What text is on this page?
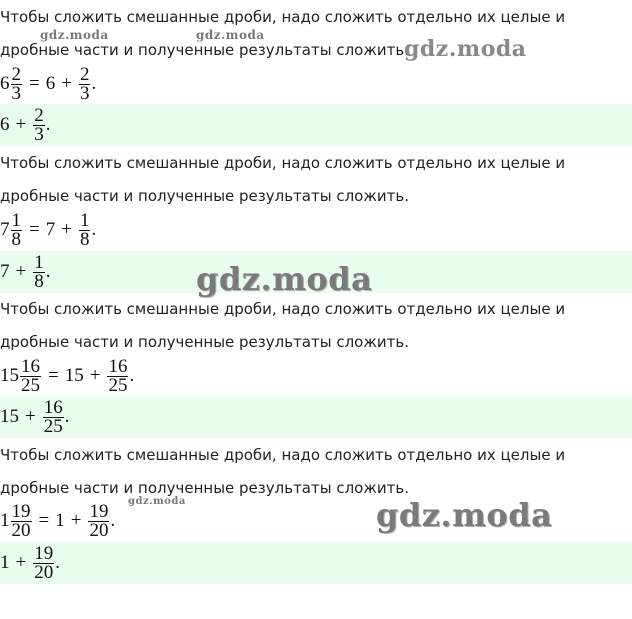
Чтобы сложить смешанные дроби, надо сложить отдельно их целые и
дробные части и полученные результаты сложить.
$6 \frac{2}{3} = 6 + \frac{2}{3}$ .
$6 + \frac{2}{3}$ .
Чтобы сложить смешанные дроби, надо сложить отдельно их целые и
дробные части и полученные результаты сложить.
$7 \frac{1}{8} = 7 + \frac{1}{8}$ .
$7 + \frac{1}{8}$ .
Чтобы сложить смешанные дроби, надо сложить отдельно их целые и
дробные части и полученные результаты сложить.
$15 \frac{16}{25} = 15 + \frac{16}{25}$ .
$15 + \frac{16}{25}$ .
Чтобы сложить смешанные дроби, надо сложить отдельно их целые и
дробные части и полученные результаты сложить.
$1 \frac{19}{20} = 1 + \frac{19}{20}$ .
$1 + \frac{19}{20}$ .
gdz.moda	gdz.moda
gdz.moda
gdz.moda
gdz.moda	gdz.moda
